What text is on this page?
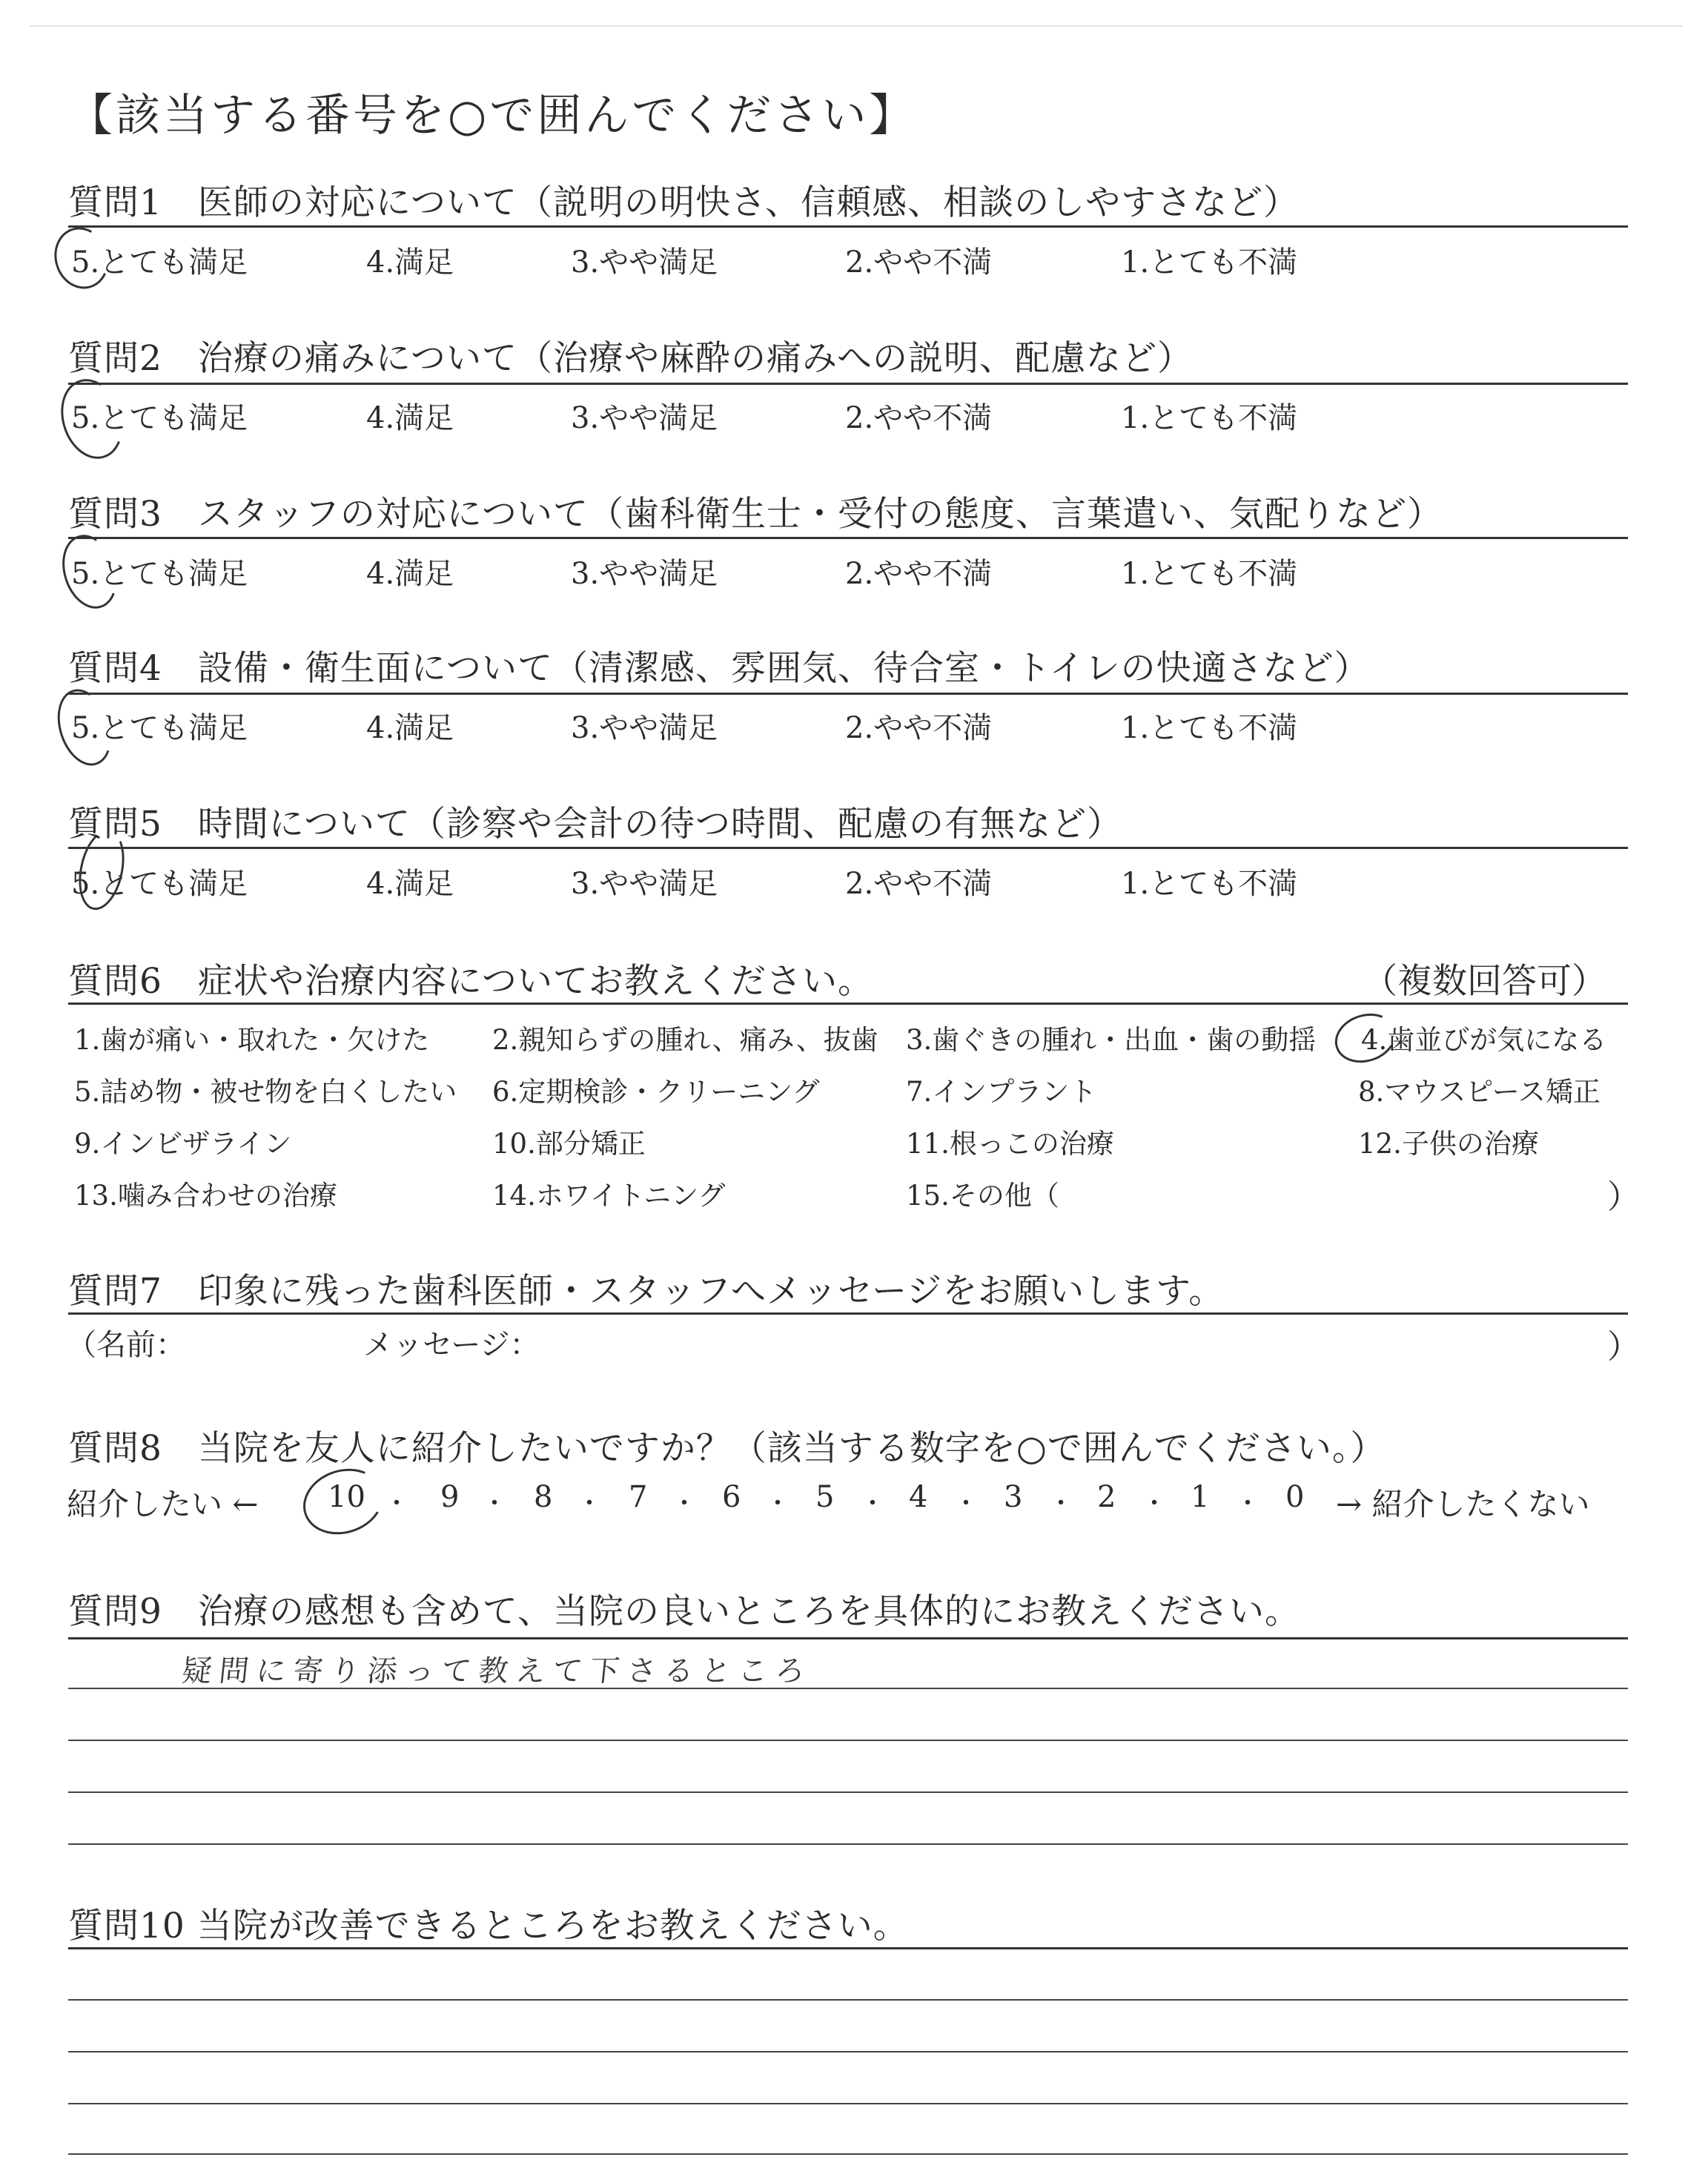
【該当する番号を○で囲んでください】
質問1　医師の対応について（説明の明快さ、信頼感、相談のしやすさなど）
5.とても満足	4.満足	3.やや満足	2.やや不満	1.とても不満
質問2　治療の痛みについて（治療や麻酔の痛みへの説明、配慮など）
5.とても満足	4.満足	3.やや満足	2.やや不満	1.とても不満
質問3　スタッフの対応について（歯科衛生士・受付の態度、言葉遣い、気配りなど）
5.とても満足	4.満足	3.やや満足	2.やや不満	1.とても不満
質問4　設備・衛生面について（清潔感、雰囲気、待合室・トイレの快適さなど）
5.とても満足	4.満足	3.やや満足	2.やや不満	1.とても不満
質問5　時間について（診察や会計の待つ時間、配慮の有無など）
5.とても満足	4.満足	3.やや満足	2.やや不満	1.とても不満
質問6　症状や治療内容についてお教えください。	（複数回答可）
1.歯が痛い・取れた・欠けた 2.親知らずの腫れ、痛み、抜歯 3.歯ぐきの腫れ・出血・歯の動揺 4.歯並びが気になる
5.詰め物・被せ物を白くしたい 6.定期検診・クリーニング	7.インプラント	8.マウスピース矯正
9.インビザライン	10.部分矯正	11.根っこの治療	12.子供の治療
13.噛み合わせの治療	14.ホワイトニング	15.その他（	）
質問7　印象に残った歯科医師・スタッフへメッセージをお願いします。
（名前：	メッセージ：	）
質問8　当院を友人に紹介したいですか？（該当する数字を○で囲んでください。）
紹介したい ←	→ 紹介したくない
10 ・ 9 ・ 8 ・ 7 ・ 6 ・ 5 ・ 4 ・ 3 ・ 2 ・ 1 ・ 0
質問9　治療の感想も含めて、当院の良いところを具体的にお教えください。
疑問に寄り添って教えて下さるところ
質問10 当院が改善できるところをお教えください。
